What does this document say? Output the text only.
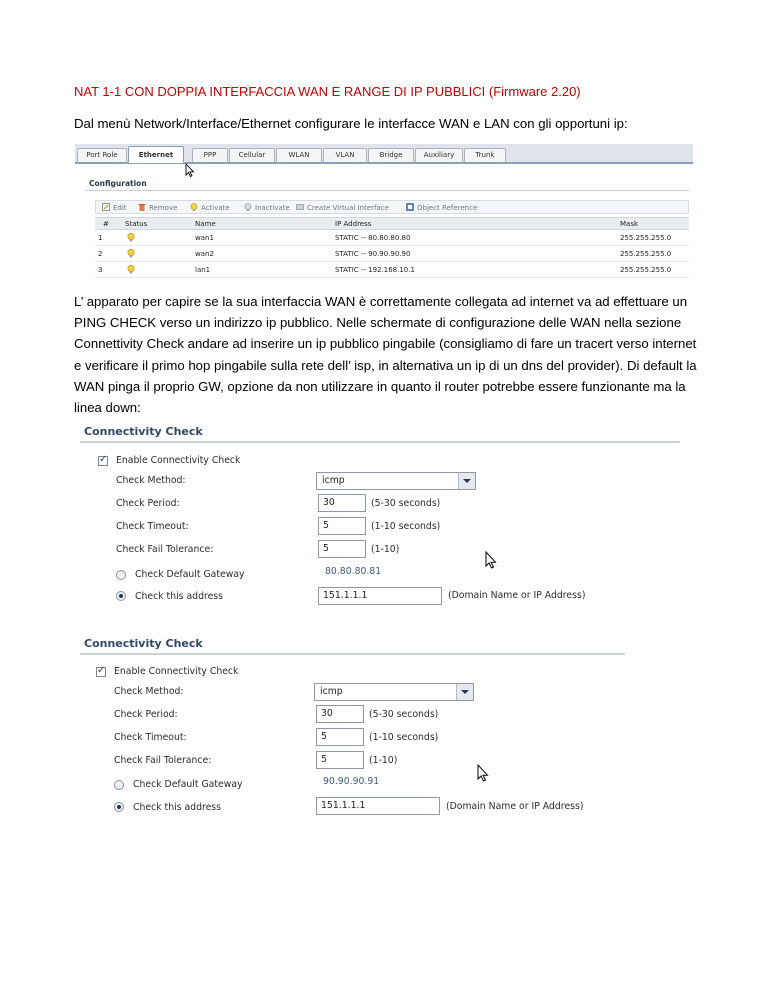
NAT 1-1 CON DOPPIA INTERFACCIA WAN E RANGE DI IP PUBBLICI (Firmware 2.20)
Dal menù Network/Interface/Ethernet configurare le interfacce WAN e LAN con gli opportuni ip:
Port Role	Ethernet	PPP	Cellular	WLAN	VLAN	Bridge	Auxiliary	Trunk
Configuration
Edit	Remove	Activate	Inactivate	Create Virtual Interface	Object Reference
# Status	Name	IP Address	Mask
1	wan1	STATIC -- 80.80.80.80	255.255.255.0
2	wan2	STATIC -- 90.90.90.90	255.255.255.0
3	lan1	STATIC -- 192.168.10.1	255.255.255.0
L’ apparato per capire se la sua interfaccia WAN è correttamente collegata ad internet va ad effettuare un PING CHECK verso un indirizzo ip pubblico. Nelle schermate di configurazione delle WAN nella sezione Connettivity Check andare ad inserire un ip pubblico pingabile (consigliamo di fare un tracert verso internet e verificare il primo hop pingabile sulla rete dell’ isp, in alternativa un ip di un dns del provider). Di default la WAN pinga il proprio GW, opzione da non utilizzare in quanto il router potrebbe essere funzionante ma la linea down:
Connectivity Check
✓
Enable Connectivity Check
Check Method:	icmp
Check Period:	30	(5-30 seconds)
Check Timeout:	5	(1-10 seconds)
Check Fail Tolerance:	5	(1-10)
Check Default Gateway	80.80.80.81
Check this address	151.1.1.1	(Domain Name or IP Address)
Connectivity Check
✓
Enable Connectivity Check
Check Method:	icmp
Check Period:	30	(5-30 seconds)
Check Timeout:	5	(1-10 seconds)
Check Fail Tolerance:	5	(1-10)
Check Default Gateway	90.90.90.91
Check this address	151.1.1.1	(Domain Name or IP Address)
